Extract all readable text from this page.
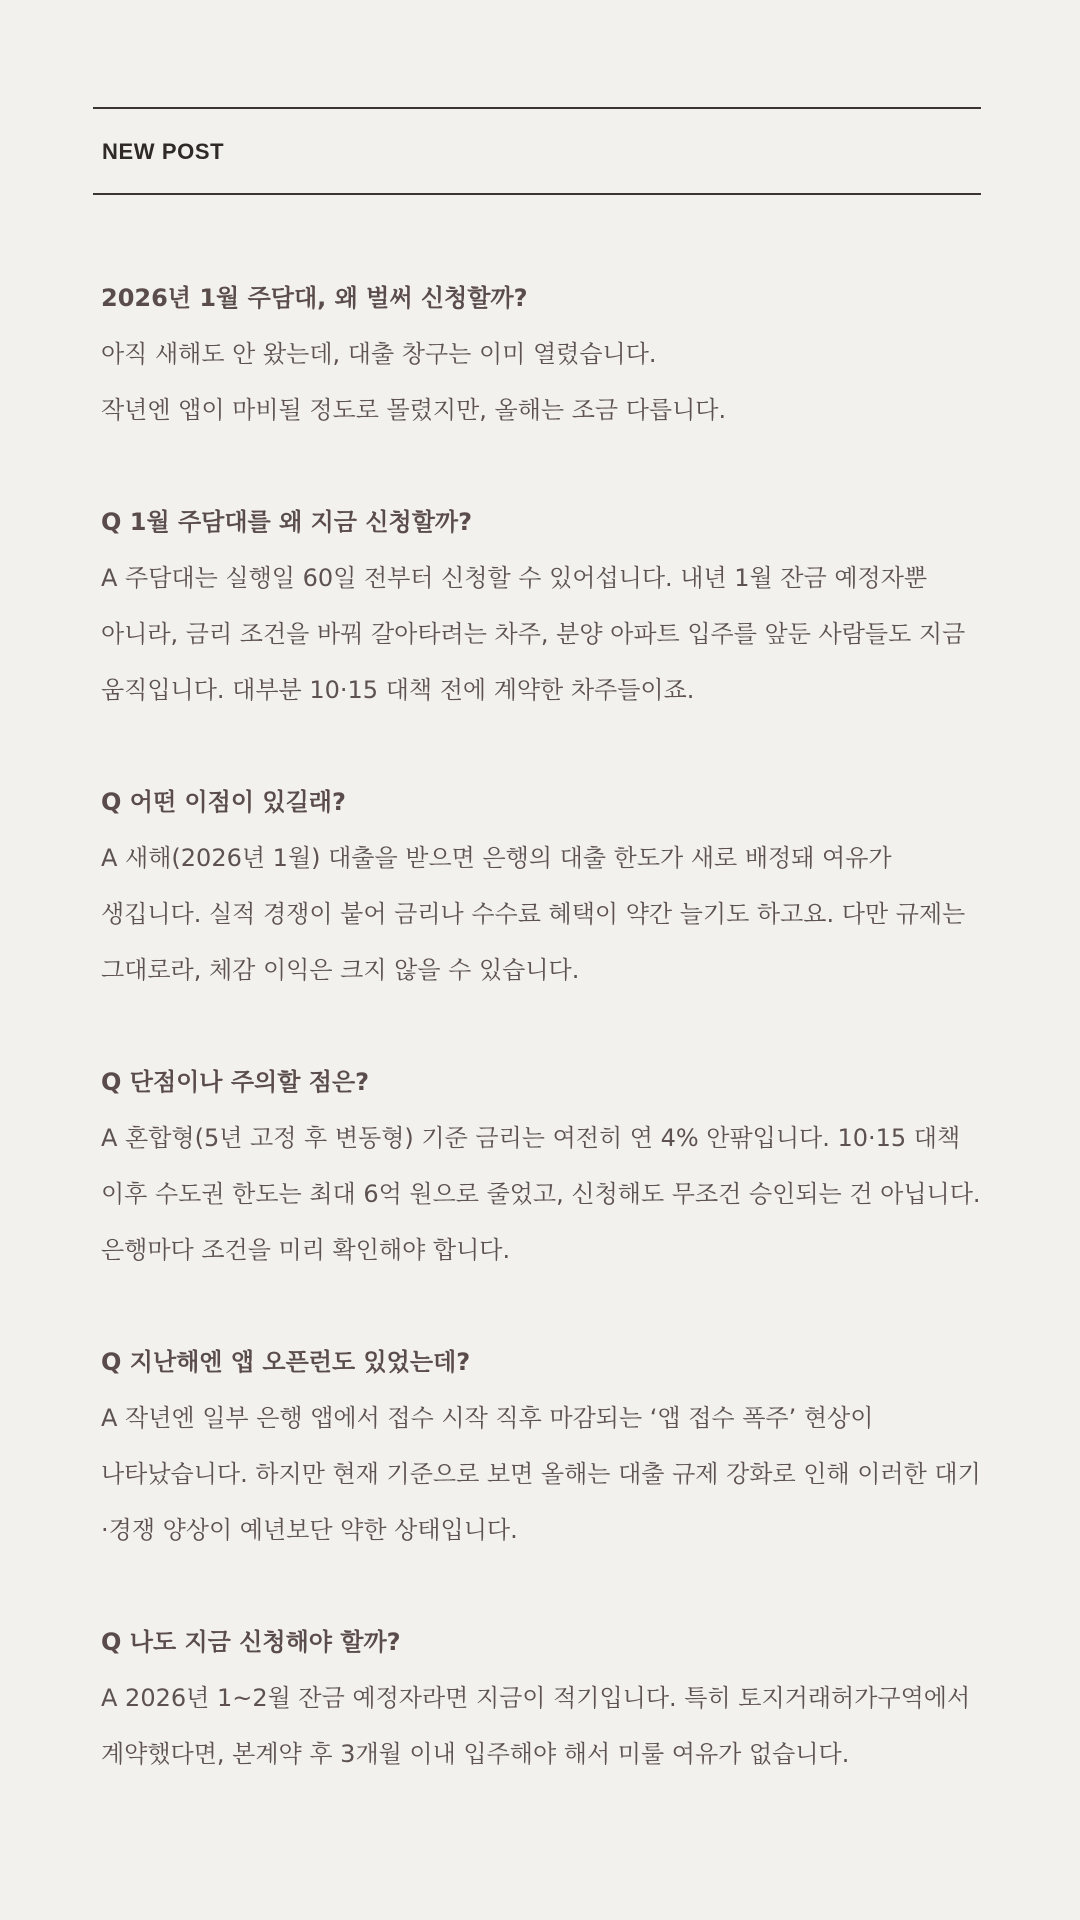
NEW POST
2026년 1월 주담대, 왜 벌써 신청할까?

아직 새해도 안 왔는데, 대출 창구는 이미 열렸습니다.

작년엔 앱이 마비될 정도로 몰렸지만, 올해는 조금 다릅니다.

Q 1월 주담대를 왜 지금 신청할까?

A 주담대는 실행일 60일 전부터 신청할 수 있어섭니다. 내년 1월 잔금 예정자뿐 아니라, 금리 조건을 바꿔 갈아타려는 차주, 분양 아파트 입주를 앞둔 사람들도 지금 움직입니다. 대부분 10·15 대책 전에 계약한 차주들이죠.

Q 어떤 이점이 있길래?

A 새해(2026년 1월) 대출을 받으면 은행의 대출 한도가 새로 배정돼 여유가 생깁니다. 실적 경쟁이 붙어 금리나 수수료 혜택이 약간 늘기도 하고요. 다만 규제는 그대로라, 체감 이익은 크지 않을 수 있습니다.

Q 단점이나 주의할 점은?

A 혼합형(5년 고정 후 변동형) 기준 금리는 여전히 연 4% 안팎입니다. 10·15 대책 이후 수도권 한도는 최대 6억 원으로 줄었고, 신청해도 무조건 승인되는 건 아닙니다. 은행마다 조건을 미리 확인해야 합니다.

Q 지난해엔 앱 오픈런도 있었는데?

A 작년엔 일부 은행 앱에서 접수 시작 직후 마감되는 ‘앱 접수 폭주’ 현상이 나타났습니다. 하지만 현재 기준으로 보면 올해는 대출 규제 강화로 인해 이러한 대기·경쟁 양상이 예년보단 약한 상태입니다.

Q 나도 지금 신청해야 할까?

A 2026년 1~2월 잔금 예정자라면 지금이 적기입니다. 특히 토지거래허가구역에서 계약했다면, 본계약 후 3개월 이내 입주해야 해서 미룰 여유가 없습니다.
